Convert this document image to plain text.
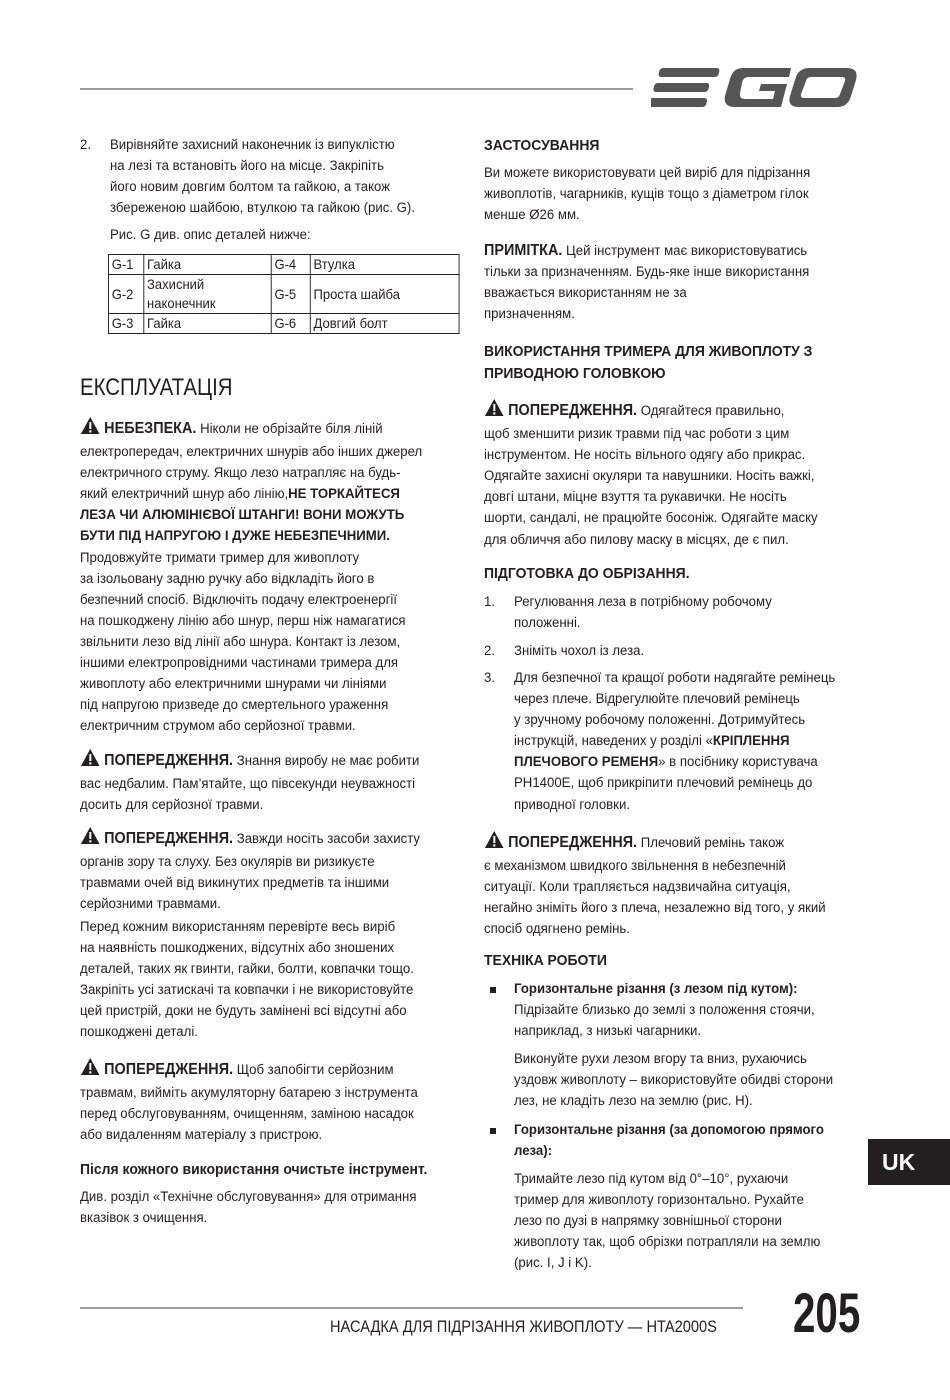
2. Вирівняйте захисний наконечник із випуклістю

на лезі та встановіть його на місце. Закріпіть

його новим довгим болтом та гайкою, а також

збереженою шайбою, втулкою та гайкою (рис. G).

Рис. G див. опис деталей нижче:
G-1	Гайка	G-4	Втулка
G-2	Захисний
наконечник	G-5	Проста шайба
G-3	Гайка	G-6	Довгий болт
ЕКСПЛУАТАЦІЯ

НЕБЕЗПЕКА. Ніколи не обрізайте біля ліній

електропередач, електричних шнурів або інших джерел

електричного струму. Якщо лезо натрапляє на будь-

який електричний шнур або лінію,НЕ ТОРКАЙТЕСЯ

ЛЕЗА ЧИ АЛЮМІНІЄВОЇ ШТАНГИ! ВОНИ МОЖУТЬ

БУТИ ПІД НАПРУГОЮ І ДУЖЕ НЕБЕЗПЕЧНИМИ.

Продовжуйте тримати тример для живоплоту

за ізольовану задню ручку або відкладіть його в

безпечний спосіб. Відключіть подачу електроенергії

на пошкоджену лінію або шнур, перш ніж намагатися

звільнити лезо від лінії або шнура. Контакт із лезом,

іншими електропровідними частинами тримера для

живоплоту або електричними шнурами чи лініями

під напругою призведе до смертельного ураження

електричним струмом або серйозної травми.

ПОПЕРЕДЖЕННЯ. Знання виробу не має робити

вас недбалим. Пам’ятайте, що півсекунди неуважності

досить для серйозної травми.

ПОПЕРЕДЖЕННЯ. Завжди носіть засоби захисту

органів зору та слуху. Без окулярів ви ризикуєте

травмами очей від викинутих предметів та іншими

серйозними травмами.

Перед кожним використанням перевірте весь виріб

на наявність пошкоджених, відсутніх або зношених

деталей, таких як гвинти, гайки, болти, ковпачки тощо.

Закріпіть усі затискачі та ковпачки і не використовуйте

цей пристрій, доки не будуть замінені всі відсутні або

пошкоджені деталі.

ПОПЕРЕДЖЕННЯ. Щоб запобігти серйозним

травмам, вийміть акумуляторну батарею з інструмента

перед обслуговуванням, очищенням, заміною насадок

або видаленням матеріалу з пристрою.

Після кожного використання очистьте інструмент.

Див. розділ «Технічне обслуговування» для отримання

вказівок з очищення.

ЗАСТОСУВАННЯ

Ви можете використовувати цей виріб для підрізання

живоплотів, чагарників, кущів тощо з діаметром гілок

менше Ø26 мм.

ПРИМІТКА. Цей інструмент має використовуватись

тільки за призначенням. Будь-яке інше використання

вважається використанням не за

призначенням.

ВИКОРИСТАННЯ ТРИМЕРА ДЛЯ ЖИВОПЛОТУ З

ПРИВОДНОЮ ГОЛОВКОЮ

ПОПЕРЕДЖЕННЯ. Одягайтеся правильно,

щоб зменшити ризик травми під час роботи з цим

інструментом. Не носіть вільного одягу або прикрас.

Одягайте захисні окуляри та навушники. Носіть важкі,

довгі штани, міцне взуття та рукавички. Не носіть

шорти, сандалі, не працюйте босоніж. Одягайте маску

для обличчя або пилову маску в місцях, де є пил.

ПІДГОТОВКА ДО ОБРІЗАННЯ.
1. Регулювання леза в потрібному робочому

положенні.

2. Зніміть чохол із леза.
3. Для безпечної та кращої роботи надягайте ремінець

через плече. Відрегулюйте плечовий ремінець

у зручному робочому положенні. Дотримуйтесь

інструкцій, наведених у розділі «КРІПЛЕННЯ

ПЛЕЧОВОГО РЕМЕНЯ» в посібнику користувача

PH1400E, щоб прикріпити плечовий ремінець до

приводної головки.

ПОПЕРЕДЖЕННЯ. Плечовий ремінь також

є механізмом швидкого звільнення в небезпечній

ситуації. Коли трапляється надзвичайна ситуація,

негайно зніміть його з плеча, незалежно від того, у який

спосіб одягнено ремінь.

ТЕХНІКА РОБОТИ

Горизонтальне різання (з лезом під кутом):

Підрізайте близько до землі з положення стоячи,

наприклад, з низькі чагарники.

Виконуйте рухи лезом вгору та вниз, рухаючись

уздовж живоплоту – використовуйте обидві сторони

лез, не кладіть лезо на землю (рис. H).

Горизонтальне різання (за допомогою прямого

леза):

Тримайте лезо під кутом від 0°–10°, рухаючи

тример для живоплоту горизонтально. Рухайте

лезо по дузі в напрямку зовнішньої сторони

живоплоту так, щоб обрізки потрапляли на землю

(рис. I, J і K).

UK
НАСАДКА ДЛЯ ПІДРІЗАННЯ ЖИВОПЛОТУ — HTA2000S 205
